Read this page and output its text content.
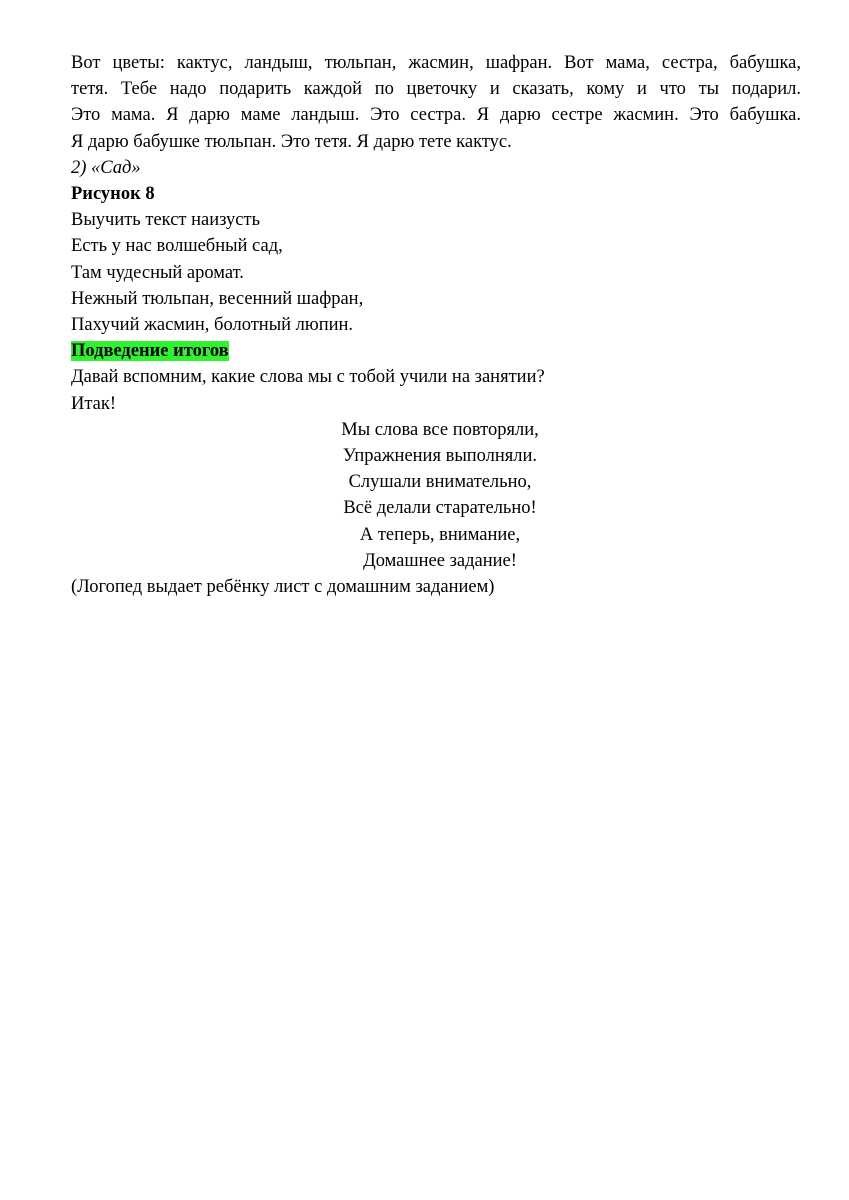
Вот цветы: кактус, ландыш, тюльпан, жасмин, шафран. Вот мама, сестра, бабушка,
тетя. Тебе надо подарить каждой по цветочку и сказать, кому и что ты подарил.
Это мама. Я дарю маме ландыш. Это сестра. Я дарю сестре жасмин. Это бабушка.
Я дарю бабушке тюльпан. Это тетя. Я дарю тете кактус.
2) «Сад»
Рисунок 8
Выучить текст наизусть
Есть у нас волшебный сад,
Там чудесный аромат.
Нежный тюльпан, весенний шафран,
Пахучий жасмин, болотный люпин.
Подведение итогов
Давай вспомним, какие слова мы с тобой учили на занятии?
Итак!
Мы слова все повторяли,
Упражнения выполняли.
Слушали внимательно,
Всё делали старательно!
А теперь, внимание,
Домашнее задание!
(Логопед выдает ребёнку лист с домашним заданием)
